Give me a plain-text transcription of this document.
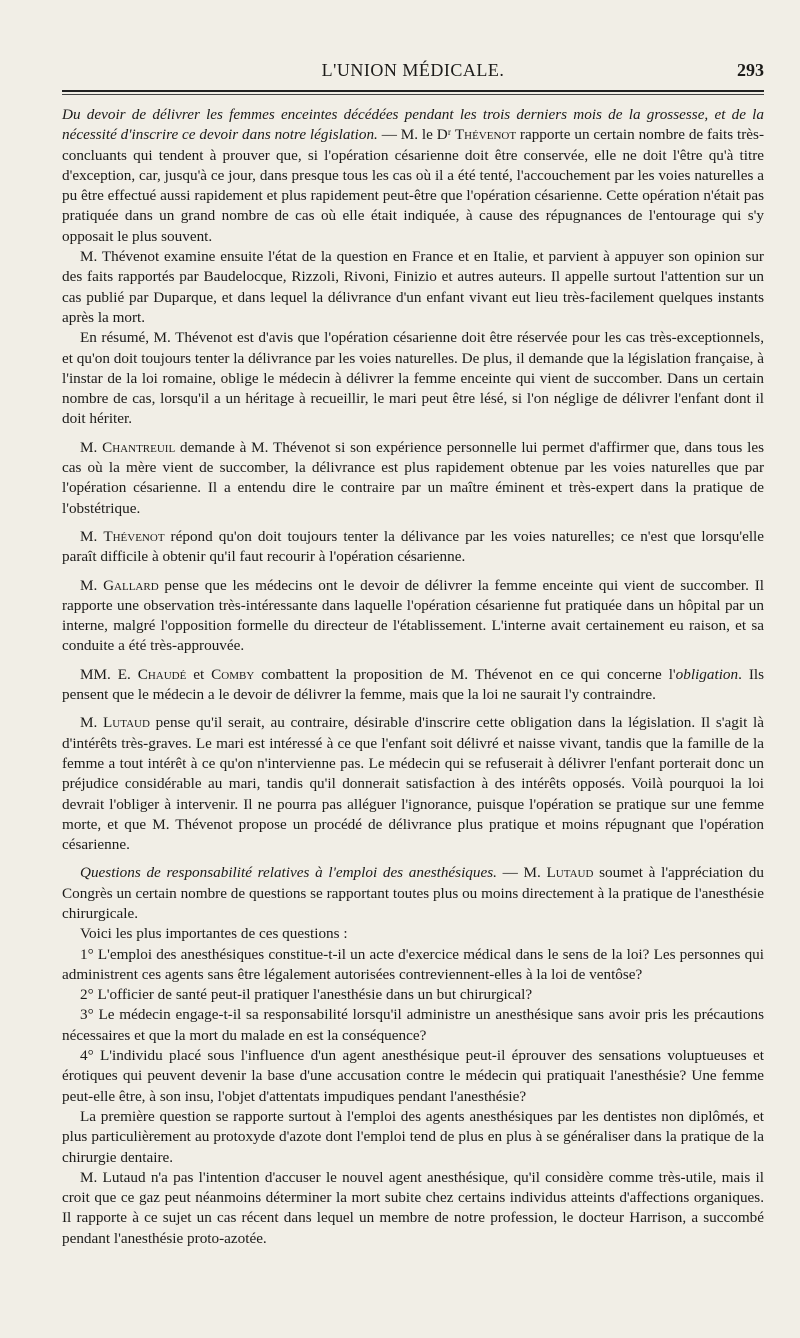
L'UNION MÉDICALE.	293

Du devoir de délivrer les femmes enceintes décédées pendant les trois derniers mois de la grossesse, et de la nécessité d'inscrire ce devoir dans notre législation. — M. le Dʳ Thévenot rapporte un certain nombre de faits très-concluants qui tendent à prouver que, si l'opération césarienne doit être conservée, elle ne doit l'être qu'à titre d'exception, car, jusqu'à ce jour, dans presque tous les cas où il a été tenté, l'accouchement par les voies naturelles a pu être effectué aussi rapidement et plus rapidement peut-être que l'opération césarienne. Cette opération n'était pas pratiquée dans un grand nombre de cas où elle était indiquée, à cause des répugnances de l'entourage qui s'y opposait le plus souvent.

M. Thévenot examine ensuite l'état de la question en France et en Italie, et parvient à appuyer son opinion sur des faits rapportés par Baudelocque, Rizzoli, Rivoni, Finizio et autres auteurs. Il appelle surtout l'attention sur un cas publié par Duparque, et dans lequel la délivrance d'un enfant vivant eut lieu très-facilement quelques instants après la mort.

En résumé, M. Thévenot est d'avis que l'opération césarienne doit être réservée pour les cas très-exceptionnels, et qu'on doit toujours tenter la délivrance par les voies naturelles. De plus, il demande que la législation française, à l'instar de la loi romaine, oblige le médecin à délivrer la femme enceinte qui vient de succomber. Dans un certain nombre de cas, lorsqu'il a un héritage à recueillir, le mari peut être lésé, si l'on néglige de délivrer l'enfant dont il doit hériter.

M. Chantreuil demande à M. Thévenot si son expérience personnelle lui permet d'affirmer que, dans tous les cas où la mère vient de succomber, la délivrance est plus rapidement obtenue par les voies naturelles que par l'opération césarienne. Il a entendu dire le contraire par un maître éminent et très-expert dans la pratique de l'obstétrique.

M. Thévenot répond qu'on doit toujours tenter la délivance par les voies naturelles; ce n'est que lorsqu'elle paraît difficile à obtenir qu'il faut recourir à l'opération césarienne.

M. Gallard pense que les médecins ont le devoir de délivrer la femme enceinte qui vient de succomber. Il rapporte une observation très-intéressante dans laquelle l'opération césarienne fut pratiquée dans un hôpital par un interne, malgré l'opposition formelle du directeur de l'établissement. L'interne avait certainement eu raison, et sa conduite a été très-approuvée.

MM. E. Chaudé et Comby combattent la proposition de M. Thévenot en ce qui concerne l'obligation. Ils pensent que le médecin a le devoir de délivrer la femme, mais que la loi ne saurait l'y contraindre.

M. Lutaud pense qu'il serait, au contraire, désirable d'inscrire cette obligation dans la législation. Il s'agit là d'intérêts très-graves. Le mari est intéressé à ce que l'enfant soit délivré et naisse vivant, tandis que la famille de la femme a tout intérêt à ce qu'on n'intervienne pas. Le médecin qui se refuserait à délivrer l'enfant porterait donc un préjudice considérable au mari, tandis qu'il donnerait satisfaction à des intérêts opposés. Voilà pourquoi la loi devrait l'obliger à intervenir. Il ne pourra pas alléguer l'ignorance, puisque l'opération se pratique sur une femme morte, et que M. Thévenot propose un procédé de délivrance plus pratique et moins répugnant que l'opération césarienne.

Questions de responsabilité relatives à l'emploi des anesthésiques. — M. Lutaud soumet à l'appréciation du Congrès un certain nombre de questions se rapportant toutes plus ou moins directement à la pratique de l'anesthésie chirurgicale.

Voici les plus importantes de ces questions :

1° L'emploi des anesthésiques constitue-t-il un acte d'exercice médical dans le sens de la loi? Les personnes qui administrent ces agents sans être légalement autorisées contreviennent-elles à la loi de ventôse?

2° L'officier de santé peut-il pratiquer l'anesthésie dans un but chirurgical?

3° Le médecin engage-t-il sa responsabilité lorsqu'il administre un anesthésique sans avoir pris les précautions nécessaires et que la mort du malade en est la conséquence?

4° L'individu placé sous l'influence d'un agent anesthésique peut-il éprouver des sensations voluptueuses et érotiques qui peuvent devenir la base d'une accusation contre le médecin qui pratiquait l'anesthésie? Une femme peut-elle être, à son insu, l'objet d'attentats impudiques pendant l'anesthésie?

La première question se rapporte surtout à l'emploi des agents anesthésiques par les dentistes non diplômés, et plus particulièrement au protoxyde d'azote dont l'emploi tend de plus en plus à se généraliser dans la pratique de la chirurgie dentaire.

M. Lutaud n'a pas l'intention d'accuser le nouvel agent anesthésique, qu'il considère comme très-utile, mais il croit que ce gaz peut néanmoins déterminer la mort subite chez certains individus atteints d'affections organiques. Il rapporte à ce sujet un cas récent dans lequel un membre de notre profession, le docteur Harrison, a succombé pendant l'anesthésie proto-azotée.
